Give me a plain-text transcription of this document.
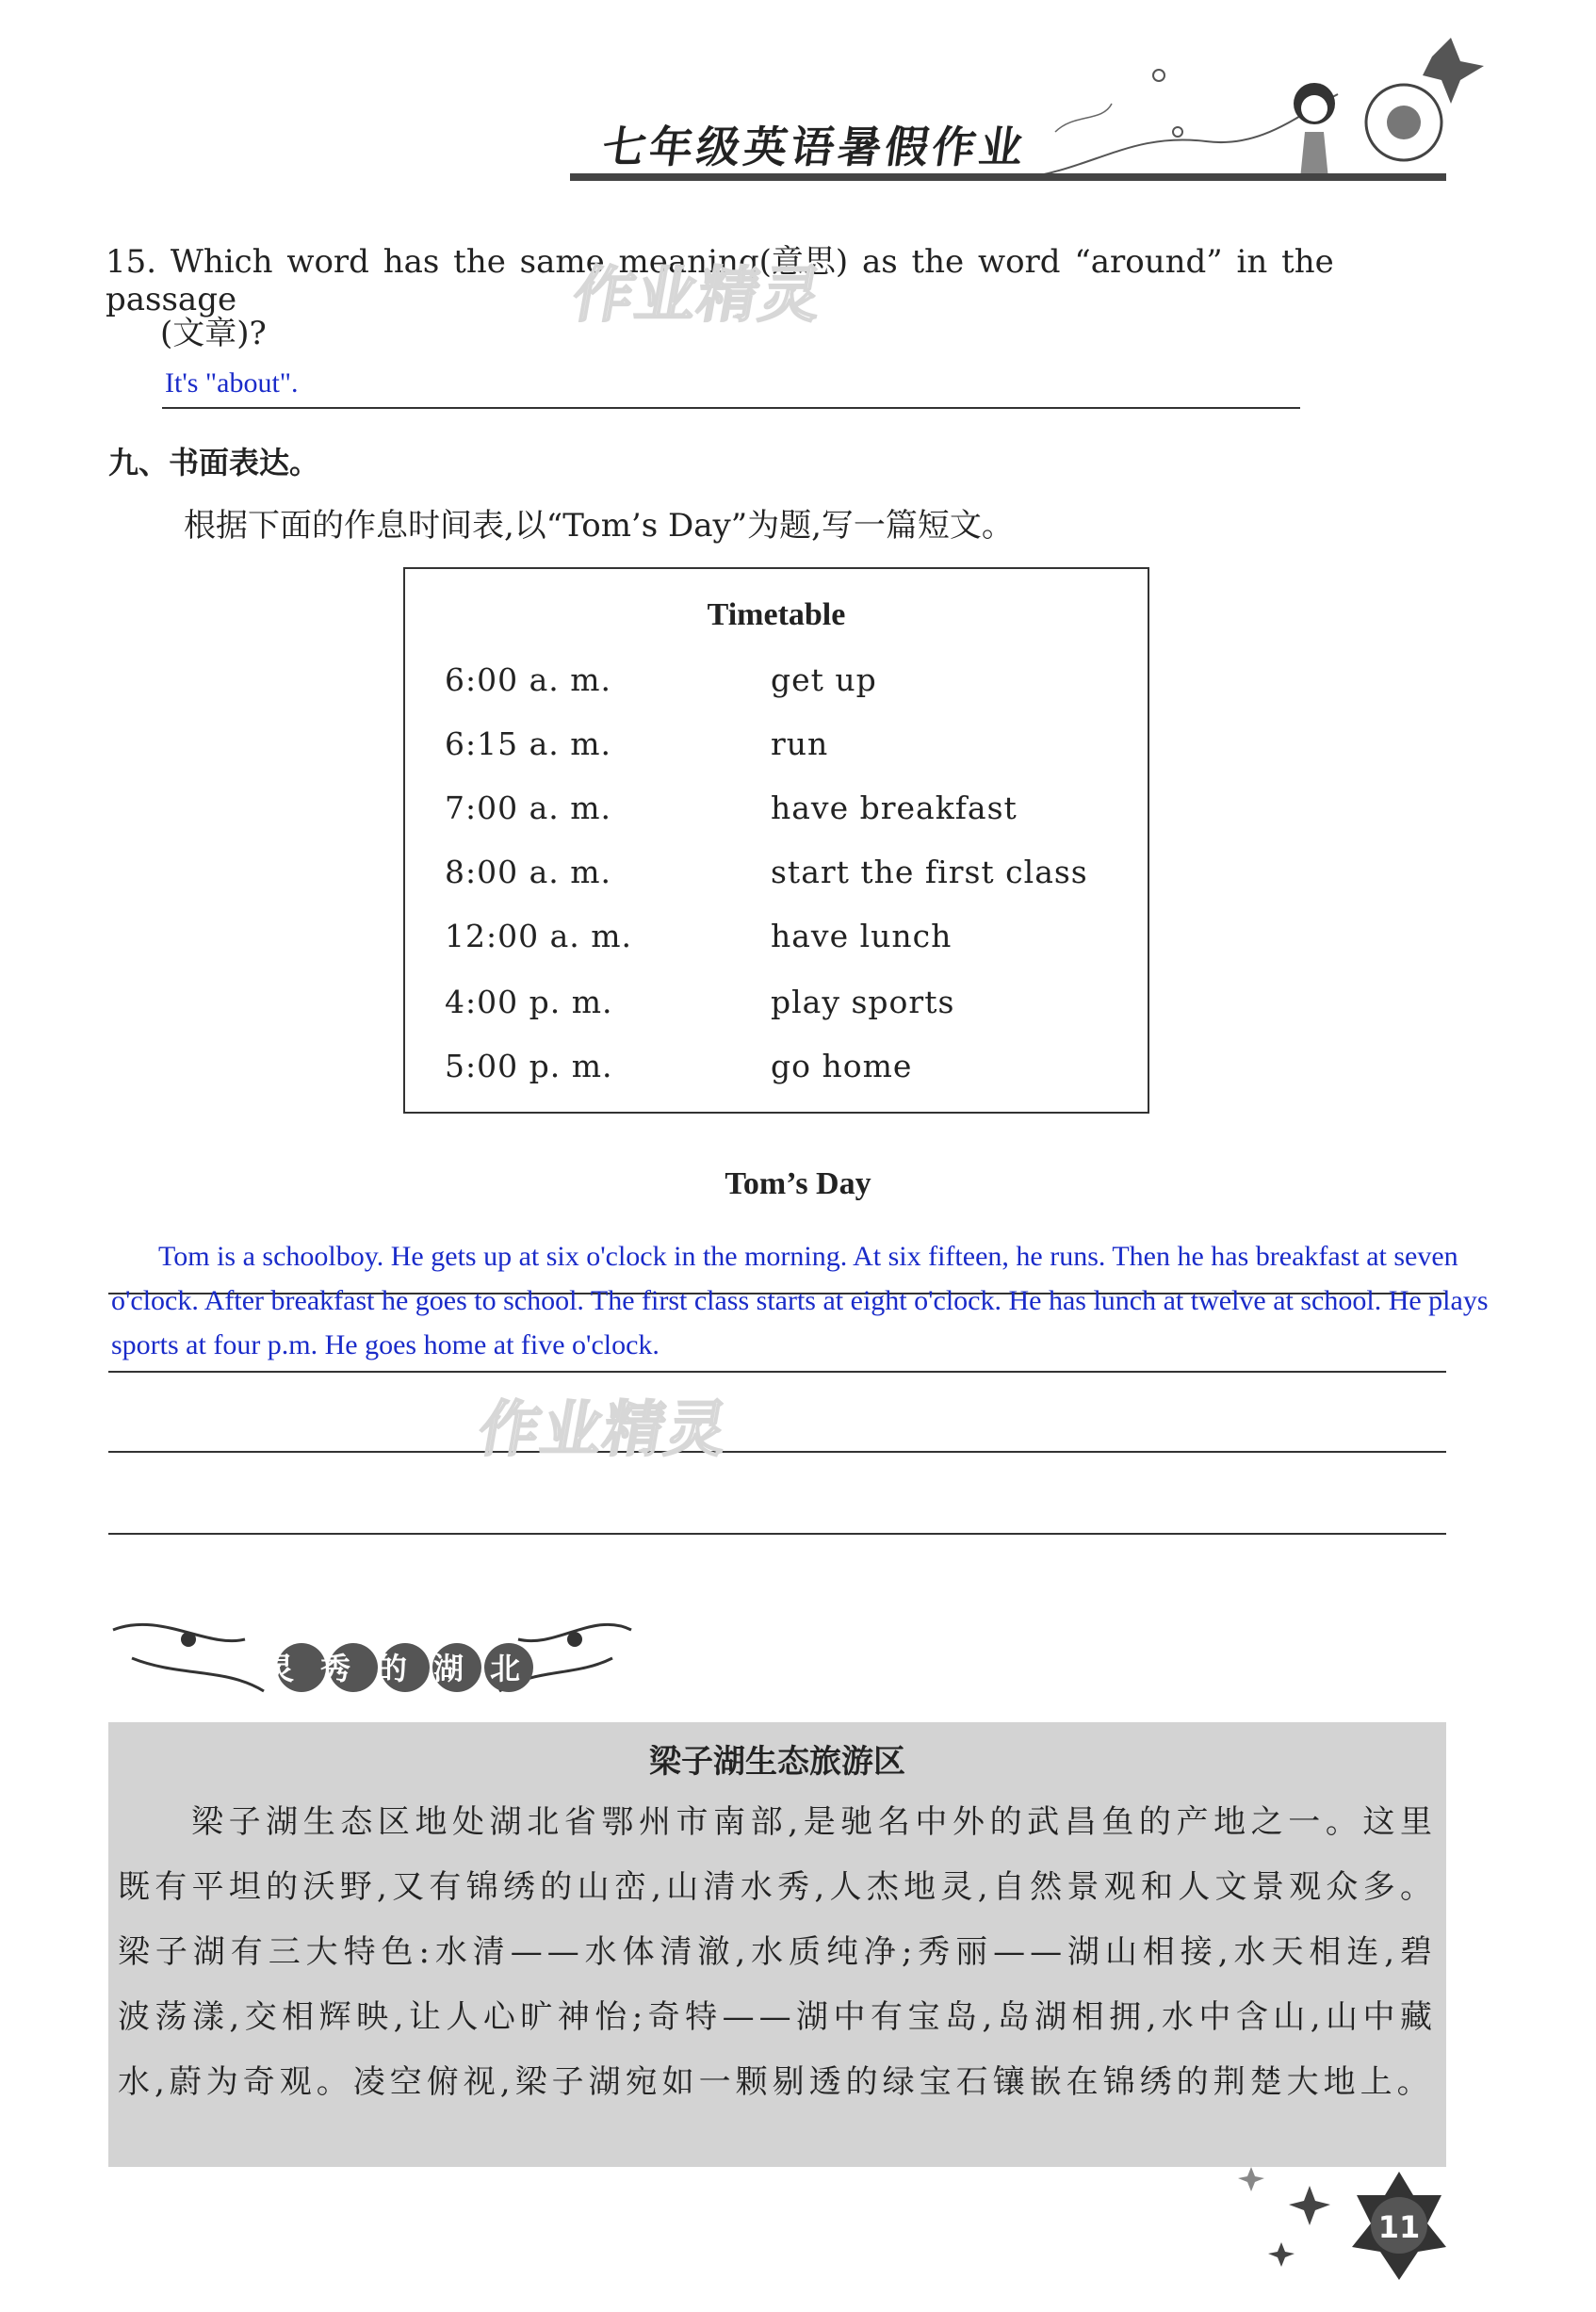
七年级英语暑假作业
15. Which word has the same meaning(意思) as the word “around” in the passage
(文章)?
作业精灵
It's "about".
九、书面表达。
根据下面的作息时间表,以“Tom’s Day”为题,写一篇短文。
Timetable
6:00 a. m.	get up
6:15 a. m.	run
7:00 a. m.	have breakfast
8:00 a. m.	start the first class
12:00 a. m.	have lunch
4:00 p. m.	play sports
5:00 p. m.	go home
Tom’s Day
Tom is a schoolboy. He gets up at six o'clock in the morning. At six fifteen, he runs. Then he has breakfast at seven o'clock. After breakfast he goes to school. The first class starts at eight o'clock. He has lunch at twelve at school. He plays sports at four p.m. He goes home at five o'clock.
作业精灵
灵秀的湖北
梁子湖生态旅游区
梁子湖生态区地处湖北省鄂州市南部,是驰名中外的武昌鱼的产地之一。这里既有平坦的沃野,又有锦绣的山峦,山清水秀,人杰地灵,自然景观和人文景观众多。梁子湖有三大特色:水清——水体清澈,水质纯净;秀丽——湖山相接,水天相连,碧波荡漾,交相辉映,让人心旷神怡;奇特——湖中有宝岛,岛湖相拥,水中含山,山中藏水,蔚为奇观。凌空俯视,梁子湖宛如一颗剔透的绿宝石镶嵌在锦绣的荆楚大地上。
11
